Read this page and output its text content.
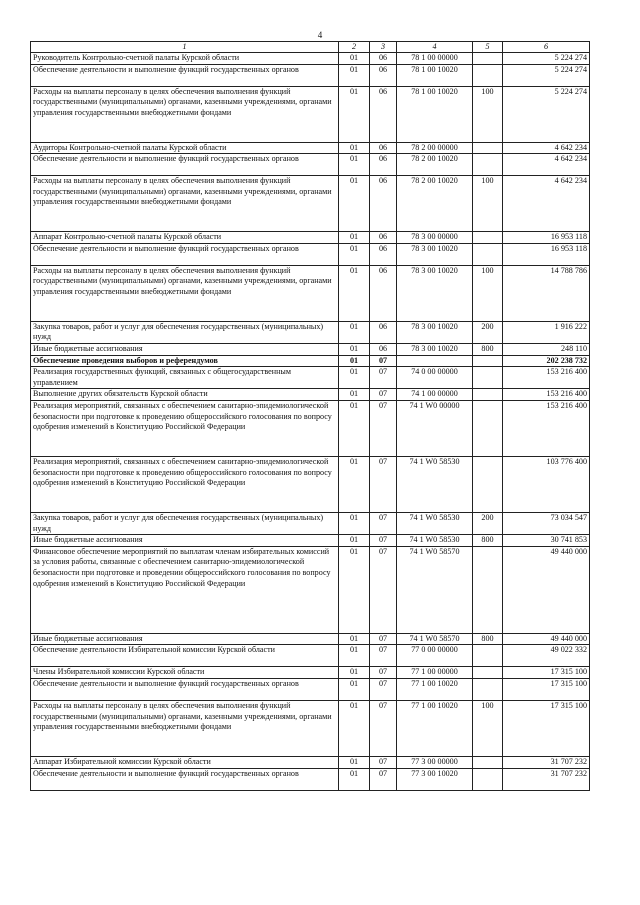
4
1	2	3	4	5	6
Руководитель Контрольно-счетной палаты Курской области	01	06	78 1 00 00000		5 224 274
Обеспечение деятельности и выполнение функций государственных органов	01	06	78 1 00 10020		5 224 274
Расходы на выплаты персоналу в целях обеспечения выполнения функций государственными (муниципальными) органами, казенными учреждениями, органами управления государственными внебюджетными фондами	01	06	78 1 00 10020	100	5 224 274
Аудиторы Контрольно-счетной палаты Курской области	01	06	78 2 00 00000		4 642 234
Обеспечение деятельности и выполнение функций государственных органов	01	06	78 2 00 10020		4 642 234
Расходы на выплаты персоналу в целях обеспечения выполнения функций государственными (муниципальными) органами, казенными учреждениями, органами управления государственными внебюджетными фондами	01	06	78 2 00 10020	100	4 642 234
Аппарат Контрольно-счетной палаты Курской области	01	06	78 3 00 00000		16 953 118
Обеспечение деятельности и выполнение функций государственных органов	01	06	78 3 00 10020		16 953 118
Расходы на выплаты персоналу в целях обеспечения выполнения функций государственными (муниципальными) органами, казенными учреждениями, органами управления государственными внебюджетными фондами	01	06	78 3 00 10020	100	14 788 786
Закупка товаров, работ и услуг для обеспечения государственных (муниципальных) нужд	01	06	78 3 00 10020	200	1 916 222
Иные бюджетные ассигнования	01	06	78 3 00 10020	800	248 110
Обеспечение проведения выборов и референдумов	01	07			202 238 732
Реализация государственных функций, связанных с общегосударственным управлением	01	07	74 0 00 00000		153 216 400
Выполнение других обязательств Курской области	01	07	74 1 00 00000		153 216 400
Реализация мероприятий, связанных с обеспечением санитарно-эпидемиологической безопасности при подготовке к проведению общероссийского голосования по вопросу одобрения изменений в Конституцию Российской Федерации	01	07	74 1 W0 00000		153 216 400
Реализация мероприятий, связанных с обеспечением санитарно-эпидемиологической безопасности при подготовке к проведению общероссийского голосования по вопросу одобрения изменений в Конституцию Российской Федерации	01	07	74 1 W0 58530		103 776 400
Закупка товаров, работ и услуг для обеспечения государственных (муниципальных) нужд	01	07	74 1 W0 58530	200	73 034 547
Иные бюджетные ассигнования	01	07	74 1 W0 58530	800	30 741 853
Финансовое обеспечение мероприятий по выплатам членам избирательных комиссий за условия работы, связанные с обеспечением санитарно-эпидемиологической безопасности при подготовке и проведении общероссийского голосования по вопросу одобрения изменений в Конституцию Российской Федерации	01	07	74 1 W0 58570		49 440 000
Иные бюджетные ассигнования	01	07	74 1 W0 58570	800	49 440 000
Обеспечение деятельности Избирательной комиссии Курской области	01	07	77 0 00 00000		49 022 332
Члены Избирательной комиссии Курской области	01	07	77 1 00 00000		17 315 100
Обеспечение деятельности и выполнение функций государственных органов	01	07	77 1 00 10020		17 315 100
Расходы на выплаты персоналу в целях обеспечения выполнения функций государственными (муниципальными) органами, казенными учреждениями, органами управления государственными внебюджетными фондами	01	07	77 1 00 10020	100	17 315 100
Аппарат Избирательной комиссии Курской области	01	07	77 3 00 00000		31 707 232
Обеспечение деятельности и выполнение функций государственных органов	01	07	77 3 00 10020		31 707 232
